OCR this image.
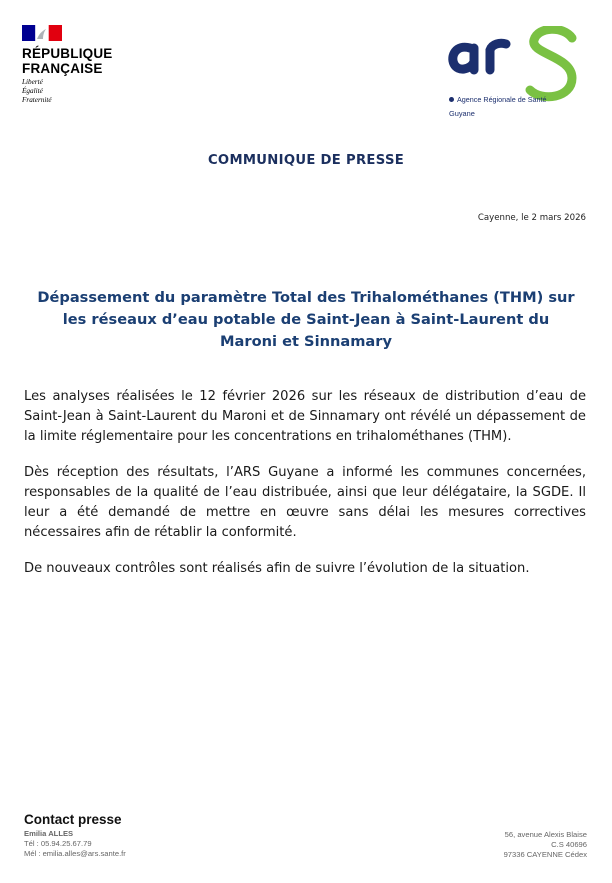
RÉPUBLIQUE
FRANÇAISE
Liberté
Égalité
Fraternité	Agence Régionale de Santé
Guyane
COMMUNIQUE DE PRESSE
Cayenne, le 2 mars 2026
Dépassement du paramètre Total des Trihalométhanes (THM) sur les réseaux d’eau potable de Saint-Jean à Saint-Laurent du Maroni et Sinnamary

Les analyses réalisées le 12 février 2026 sur les réseaux de distribution d’eau de Saint-Jean à Saint-Laurent du Maroni et de Sinnamary ont révélé un dépassement de la limite réglementaire pour les concentrations en trihalométhanes (THM).

Dès réception des résultats, l’ARS Guyane a informé les communes concernées, responsables de la qualité de l’eau distribuée, ainsi que leur délégataire, la SGDE. Il leur a été demandé de mettre en œuvre sans délai les mesures correctives nécessaires afin de rétablir la conformité.

De nouveaux contrôles sont réalisés afin de suivre l’évolution de la situation.

Contact presse
Emilia ALLES
Tél : 05.94.25.67.79
Mél : emilia.alles@ars.sante.fr
56, avenue Alexis Blaise
C.S 40696
97336 CAYENNE Cédex
